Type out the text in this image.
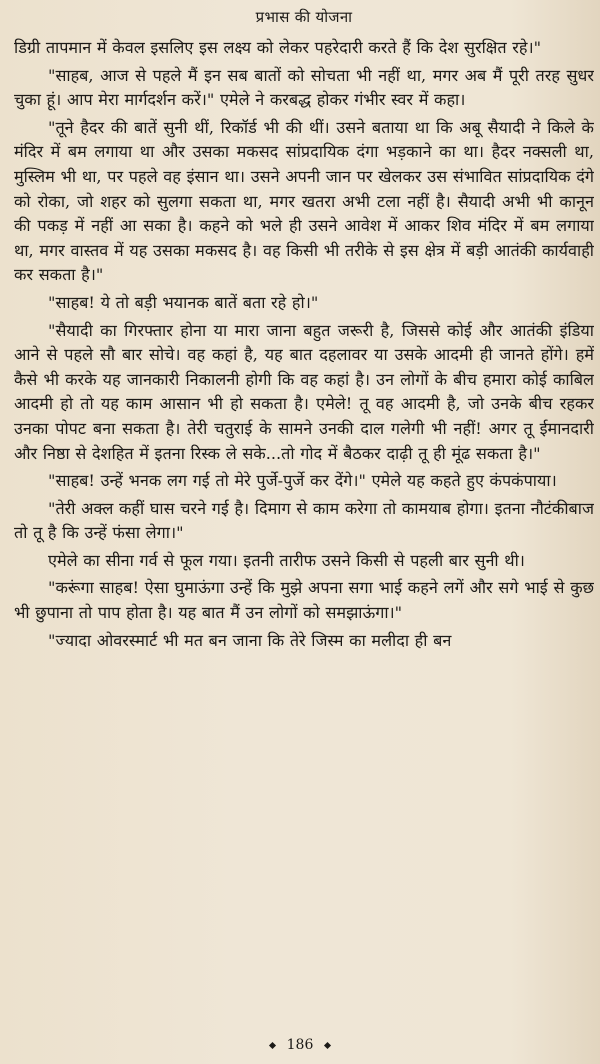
प्रभास की योजना

डिग्री तापमान में केवल इसलिए इस लक्ष्य को लेकर पहरेदारी करते हैं कि देश सुरक्षित रहे।"

"साहब, आज से पहले मैं इन सब बातों को सोचता भी नहीं था, मगर अब मैं पूरी तरह सुधर चुका हूं। आप मेरा मार्गदर्शन करें।" एमेले ने करबद्ध होकर गंभीर स्वर में कहा।

"तूने हैदर की बातें सुनी थीं, रिकॉर्ड भी की थीं। उसने बताया था कि अबू सैयादी ने किले के मंदिर में बम लगाया था और उसका मकसद सांप्रदायिक दंगा भड़काने का था। हैदर नक्सली था, मुस्लिम भी था, पर पहले वह इंसान था। उसने अपनी जान पर खेलकर उस संभावित सांप्रदायिक दंगे को रोका, जो शहर को सुलगा सकता था, मगर खतरा अभी टला नहीं है। सैयादी अभी भी कानून की पकड़ में नहीं आ सका है। कहने को भले ही उसने आवेश में आकर शिव मंदिर में बम लगाया था, मगर वास्तव में यह उसका मकसद है। वह किसी भी तरीके से इस क्षेत्र में बड़ी आतंकी कार्यवाही कर सकता है।"

"साहब! ये तो बड़ी भयानक बातें बता रहे हो।"

"सैयादी का गिरफ्तार होना या मारा जाना बहुत जरूरी है, जिससे कोई और आतंकी इंडिया आने से पहले सौ बार सोचे। वह कहां है, यह बात दहलावर या उसके आदमी ही जानते होंगे। हमें कैसे भी करके यह जानकारी निकालनी होगी कि वह कहां है। उन लोगों के बीच हमारा कोई काबिल आदमी हो तो यह काम आसान भी हो सकता है। एमेले! तू वह आदमी है, जो उनके बीच रहकर उनका पोपट बना सकता है। तेरी चतुराई के सामने उनकी दाल गलेगी भी नहीं! अगर तू ईमानदारी और निष्ठा से देशहित में इतना रिस्क ले सके...तो गोद में बैठकर दाढ़ी तू ही मूंढ सकता है।"

"साहब! उन्हें भनक लग गई तो मेरे पुर्जे-पुर्जे कर देंगे।" एमेले यह कहते हुए कंपकंपाया।

"तेरी अक्ल कहीं घास चरने गई है। दिमाग से काम करेगा तो कामयाब होगा। इतना नौटंकीबाज तो तू है कि उन्हें फंसा लेगा।"

एमेले का सीना गर्व से फूल गया। इतनी तारीफ उसने किसी से पहली बार सुनी थी।

"करूंगा साहब! ऐसा घुमाऊंगा उन्हें कि मुझे अपना सगा भाई कहने लगें और सगे भाई से कुछ भी छुपाना तो पाप होता है। यह बात मैं उन लोगों को समझाऊंगा।"

"ज्यादा ओवरस्मार्ट भी मत बन जाना कि तेरे जिस्म का मलीदा ही बन

186
